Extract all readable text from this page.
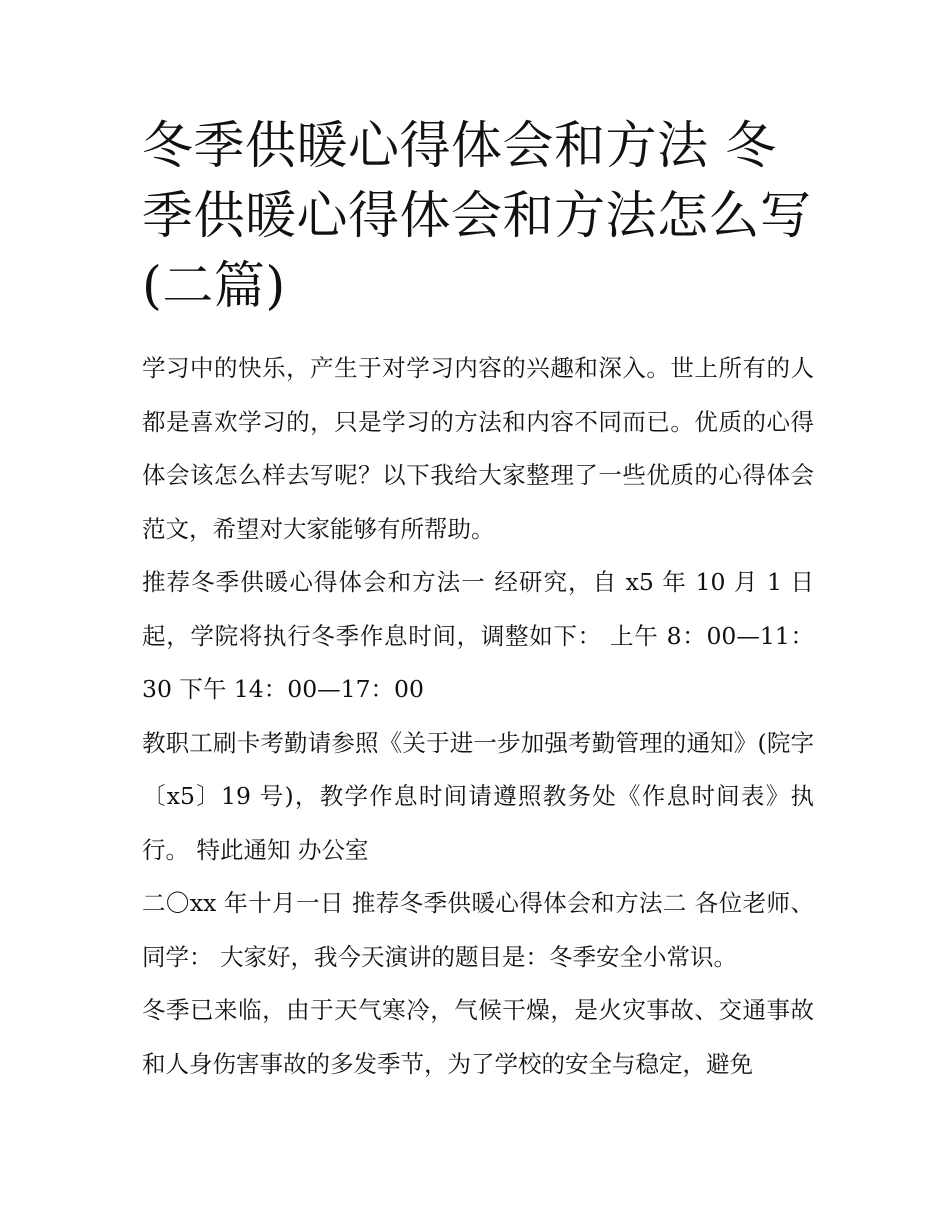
冬季供暖心得体会和方法 冬季供暖心得体会和方法怎么写(二篇)

学习中的快乐，产生于对学习内容的兴趣和深入。世上所有的人都是喜欢学习的，只是学习的方法和内容不同而已。优质的心得体会该怎么样去写呢？以下我给大家整理了一些优质的心得体会范文，希望对大家能够有所帮助。

推荐冬季供暖心得体会和方法一 经研究，自 x5 年 10 月 1 日起，学院将执行冬季作息时间，调整如下： 上午 8：00—11：30 下午 14：00—17：00

教职工刷卡考勤请参照《关于进一步加强考勤管理的通知》(院字〔x5〕19 号)，教学作息时间请遵照教务处《作息时间表》执行。 特此通知 办公室

二〇xx 年十月一日 推荐冬季供暖心得体会和方法二 各位老师、同学： 大家好，我今天演讲的题目是：冬季安全小常识。

冬季已来临，由于天气寒冷，气候干燥，是火灾事故、交通事故和人身伤害事故的多发季节，为了学校的安全与稳定，避免
